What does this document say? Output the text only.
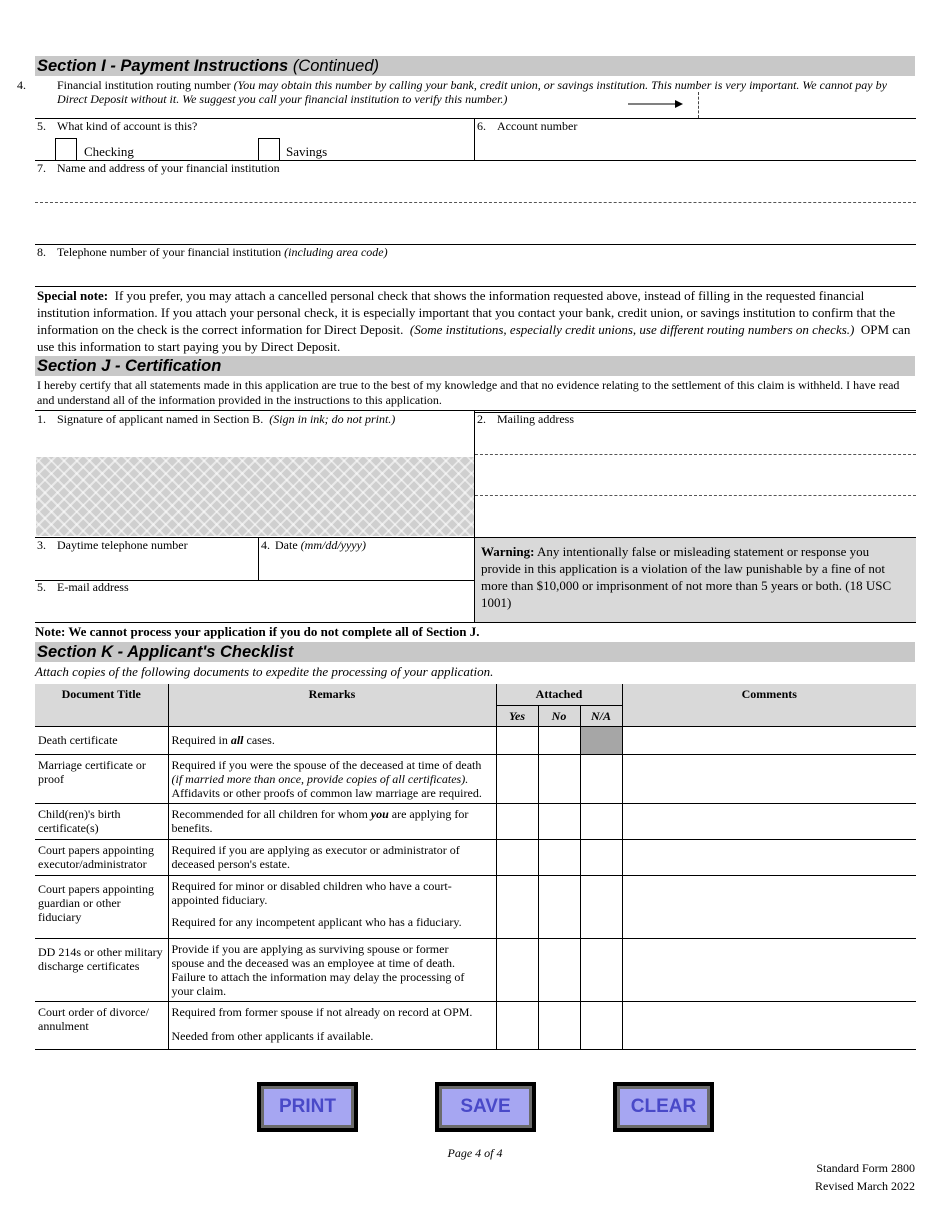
Section I - Payment Instructions (Continued)
4.	Financial institution routing number (You may obtain this number by calling your bank, credit union, or savings institution. This number is very important. We cannot pay by Direct Deposit without it. We suggest you call your financial institution to verify this number.)
5. What kind of account is this?
Checking	Savings
6. Account number
7. Name and address of your financial institution
8. Telephone number of your financial institution (including area code)
Special note: If you prefer, you may attach a cancelled personal check that shows the information requested above, instead of filling in the requested financial institution information. If you attach your personal check, it is especially important that you contact your bank, credit union, or savings institution to confirm that the information on the check is the correct information for Direct Deposit. (Some institutions, especially credit unions, use different routing numbers on checks.) OPM can use this information to start paying you by Direct Deposit.
Section J - Certification
I hereby certify that all statements made in this application are true to the best of my knowledge and that no evidence relating to the settlement of this claim is withheld. I have read and understand all of the information provided in the instructions to this application.
1. Signature of applicant named in Section B. (Sign in ink; do not print.)	2. Mailing address
3. Daytime telephone number	4. Date (mm/dd/yyyy)
5. E-mail address
Warning: Any intentionally false or misleading statement or response you provide in this application is a violation of the law punishable by a fine of not more than $10,000 or imprisonment of not more than 5 years or both. (18 USC 1001)
Note: We cannot process your application if you do not complete all of Section J.
Section K - Applicant's Checklist
Attach copies of the following documents to expedite the processing of your application.
Document Title	Remarks	Attached			Comments
		Yes	No	N/A	
Death certificate	Required in all cases.				
Marriage certificate or proof	Required if you were the spouse of the deceased at time of death
(if married more than once, provide copies of all certificates).
Affidavits or other proofs of common law marriage are required.				
Child(ren)'s birth certificate(s)	Recommended for all children for whom you are applying for benefits.				
Court papers appointing executor/administrator	Required if you are applying as executor or administrator of deceased person's estate.				
Court papers appointing guardian or other fiduciary	Required for minor or disabled children who have a court-appointed fiduciary.
Required for any incompetent applicant who has a fiduciary.				

DD 214s or other military discharge certificates	Provide if you are applying as surviving spouse or former spouse and the deceased was an employee at time of death. Failure to attach the information may delay the processing of your claim.				
Court order of divorce/ annulment	Required from former spouse if not already on record at OPM.
Needed from other applicants if available.				

PRINT	SAVE	CLEAR
Page 4 of 4
Standard Form 2800
Revised March 2022
